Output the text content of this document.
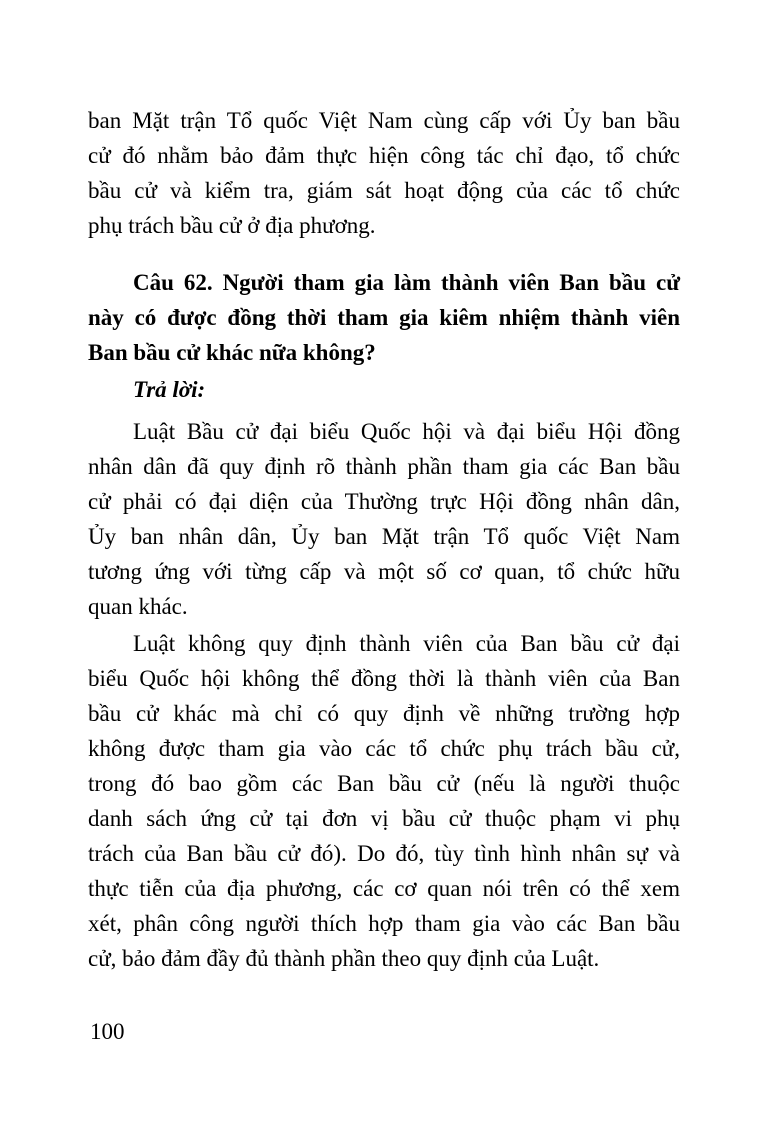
ban Mặt trận Tổ quốc Việt Nam cùng cấp với Ủy ban bầu
cử đó nhằm bảo đảm thực hiện công tác chỉ đạo, tổ chức
bầu cử và kiểm tra, giám sát hoạt động của các tổ chức
phụ trách bầu cử ở địa phương.
Câu 62. Người tham gia làm thành viên Ban bầu cử
này có được đồng thời tham gia kiêm nhiệm thành viên
Ban bầu cử khác nữa không?
Trả lời:
Luật Bầu cử đại biểu Quốc hội và đại biểu Hội đồng
nhân dân đã quy định rõ thành phần tham gia các Ban bầu
cử phải có đại diện của Thường trực Hội đồng nhân dân,
Ủy ban nhân dân, Ủy ban Mặt trận Tổ quốc Việt Nam
tương ứng với từng cấp và một số cơ quan, tổ chức hữu
quan khác.
Luật không quy định thành viên của Ban bầu cử đại
biểu Quốc hội không thể đồng thời là thành viên của Ban
bầu cử khác mà chỉ có quy định về những trường hợp
không được tham gia vào các tổ chức phụ trách bầu cử,
trong đó bao gồm các Ban bầu cử (nếu là người thuộc
danh sách ứng cử tại đơn vị bầu cử thuộc phạm vi phụ
trách của Ban bầu cử đó). Do đó, tùy tình hình nhân sự và
thực tiễn của địa phương, các cơ quan nói trên có thể xem
xét, phân công người thích hợp tham gia vào các Ban bầu
cử, bảo đảm đầy đủ thành phần theo quy định của Luật.
100
